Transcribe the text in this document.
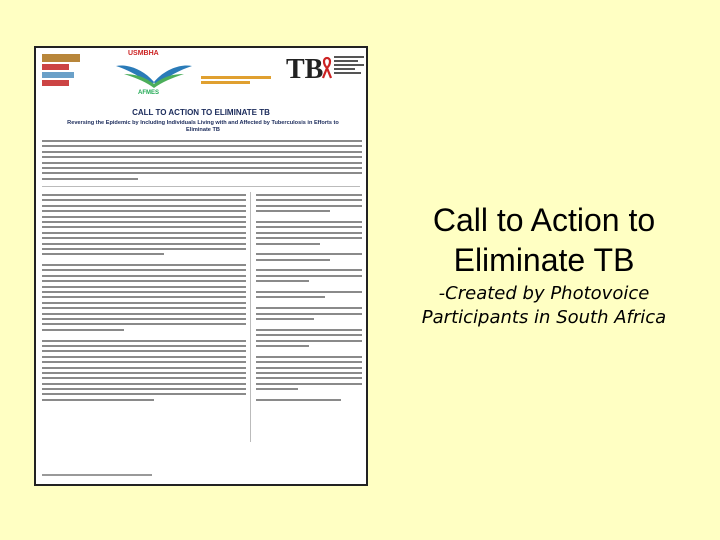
USMBHA
AFMES
TB
CALL TO ACTION TO ELIMINATE TB
Reversing the Epidemic by Including Individuals Living with and Affected by Tuberculosis in Efforts to Eliminate TB
Call to Action to
Eliminate TB
-Created by Photovoice
Participants in South Africa
